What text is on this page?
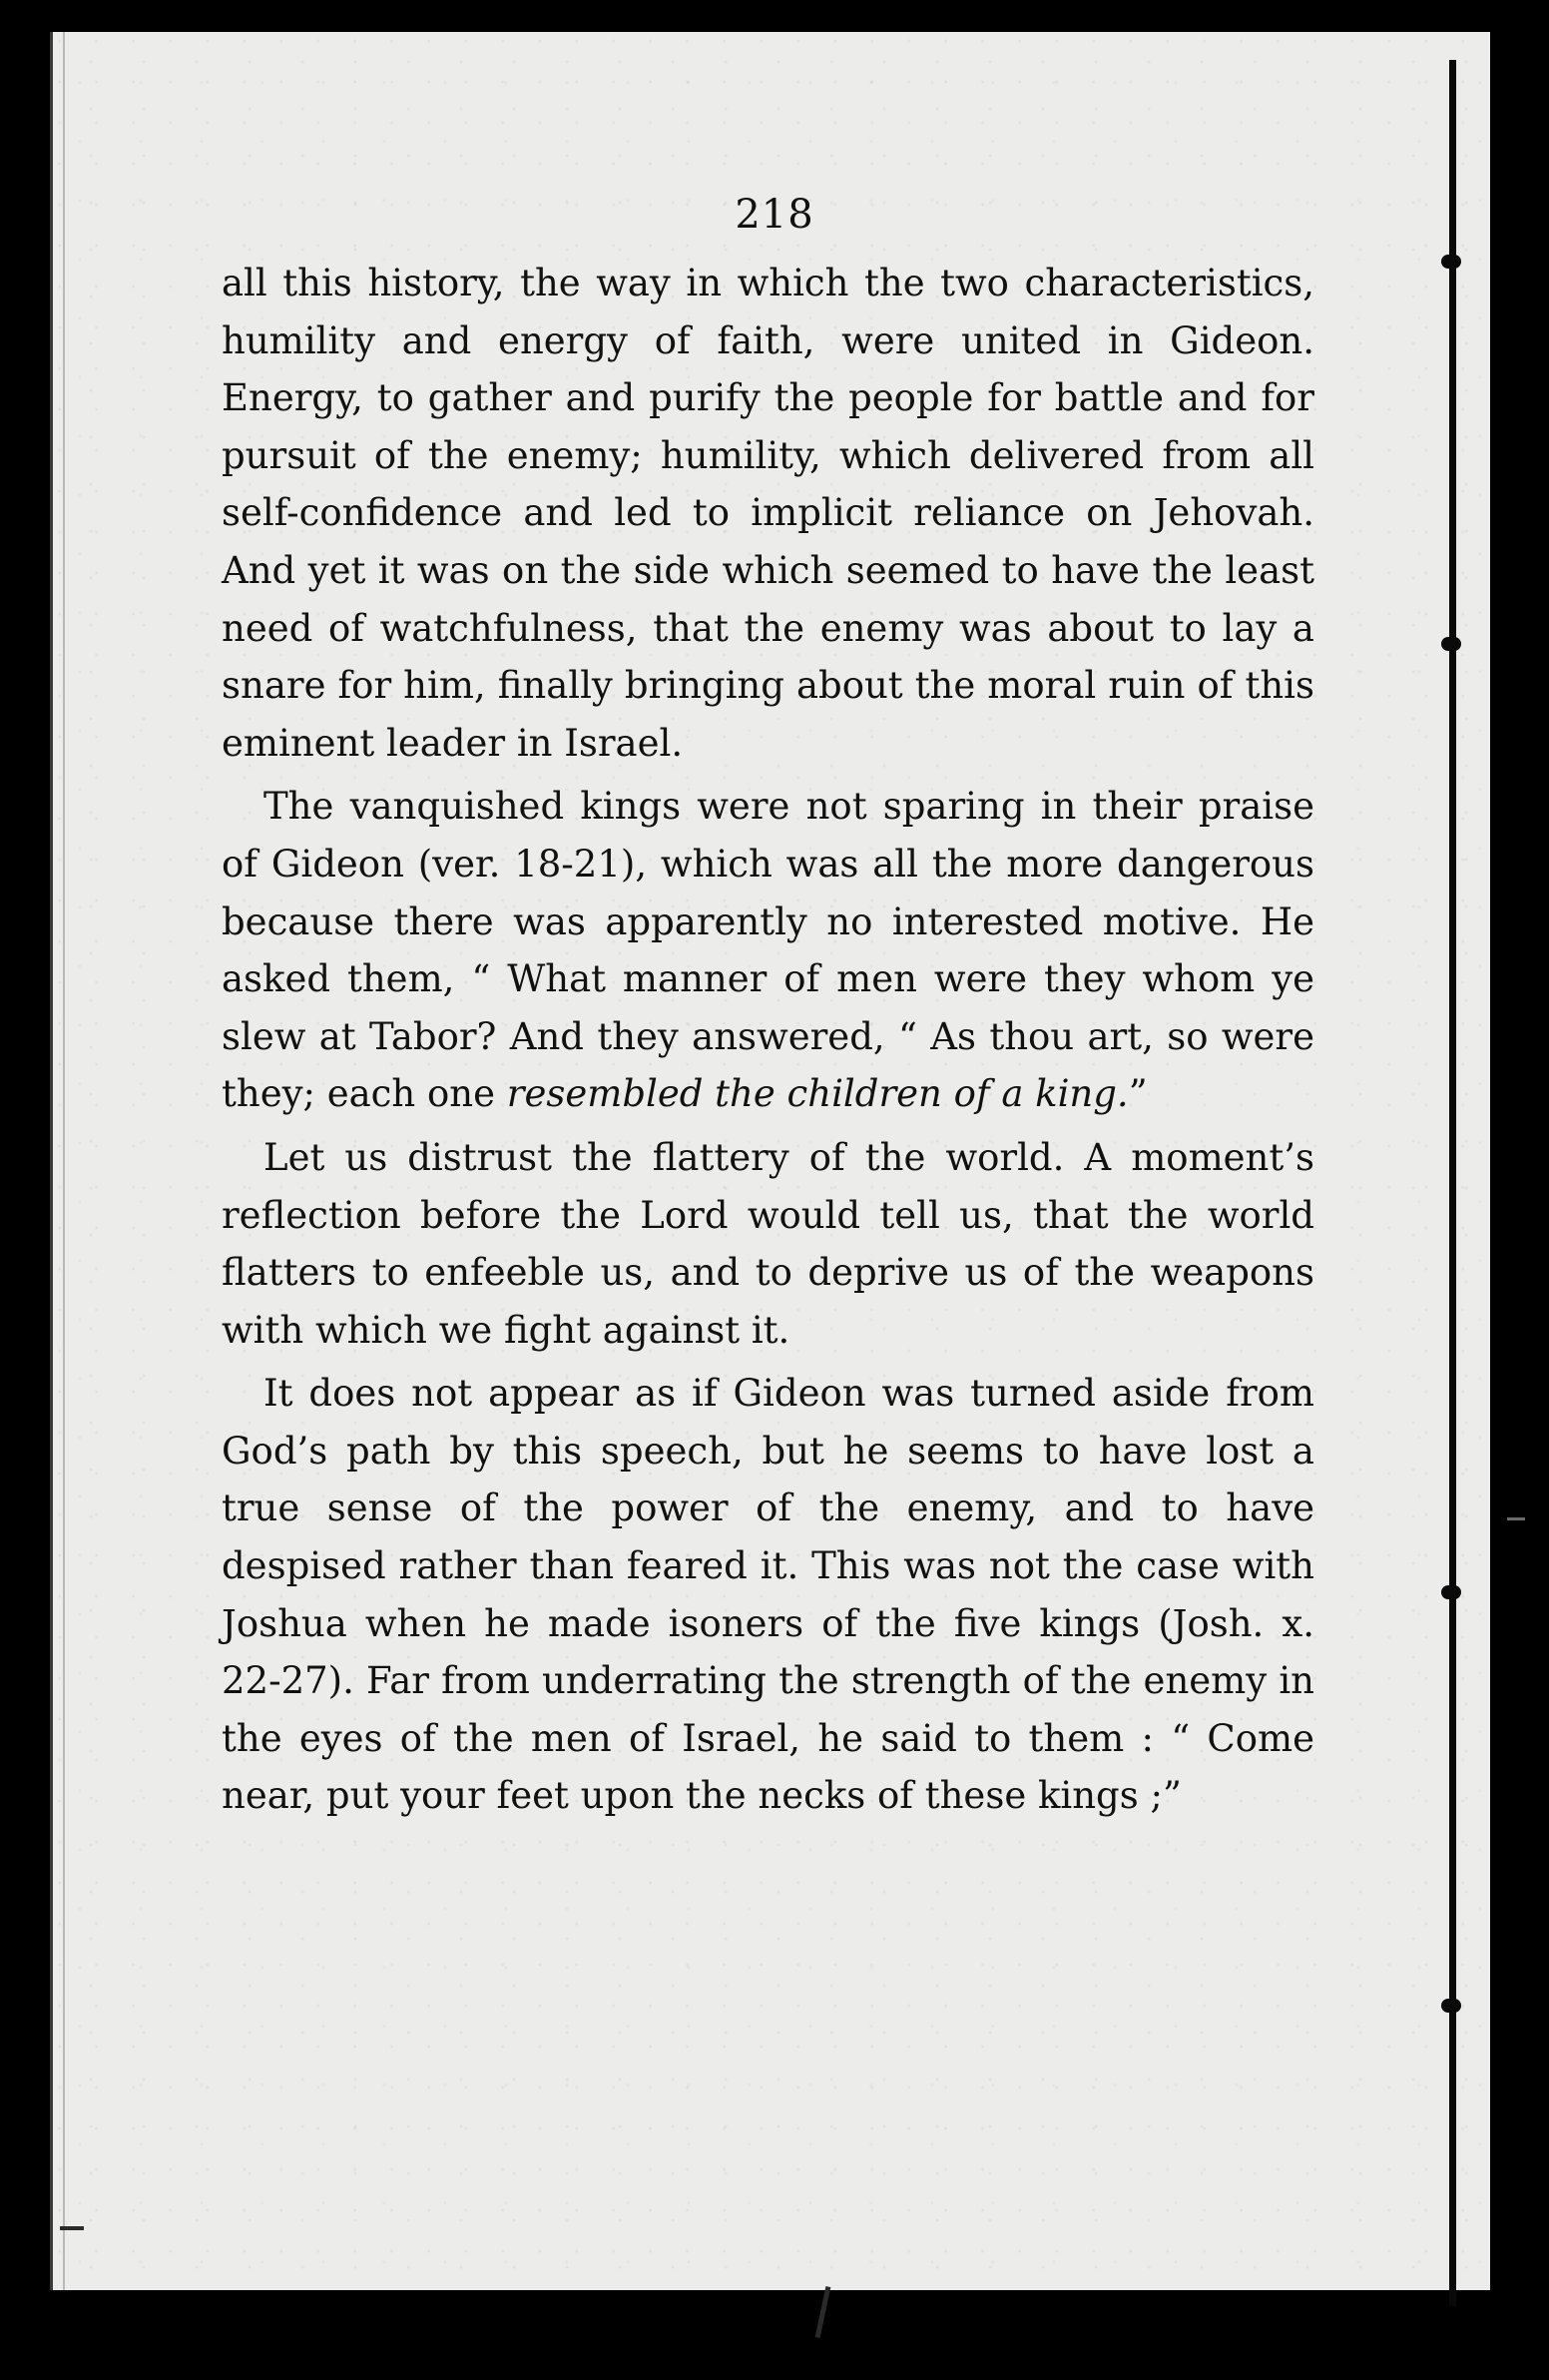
218

all this history, the way in which the two characteristics, humility and energy of faith, were united in Gideon. Energy, to gather and purify the people for battle and for pursuit of the enemy; humility, which delivered from all self-confidence and led to implicit reliance on Jehovah. And yet it was on the side which seemed to have the least need of watchfulness, that the enemy was about to lay a snare for him, finally bringing about the moral ruin of this eminent leader in Israel.

The vanquished kings were not sparing in their praise of Gideon (ver. 18-21), which was all the more dangerous because there was apparently no interested motive. He asked them, “ What manner of men were they whom ye slew at Tabor? And they answered, “ As thou art, so were they; each one resembled the children of a king.”

Let us distrust the flattery of the world. A moment’s reflection before the Lord would tell us, that the world flatters to enfeeble us, and to deprive us of the weapons with which we fight against it.

It does not appear as if Gideon was turned aside from God’s path by this speech, but he seems to have lost a true sense of the power of the enemy, and to have despised rather than feared it. This was not the case with Joshua when he made isoners of the five kings (Josh. x. 22-27). Far from underrating the strength of the enemy in the eyes of the men of Israel, he said to them : “ Come near, put your feet upon the necks of these kings ;”
